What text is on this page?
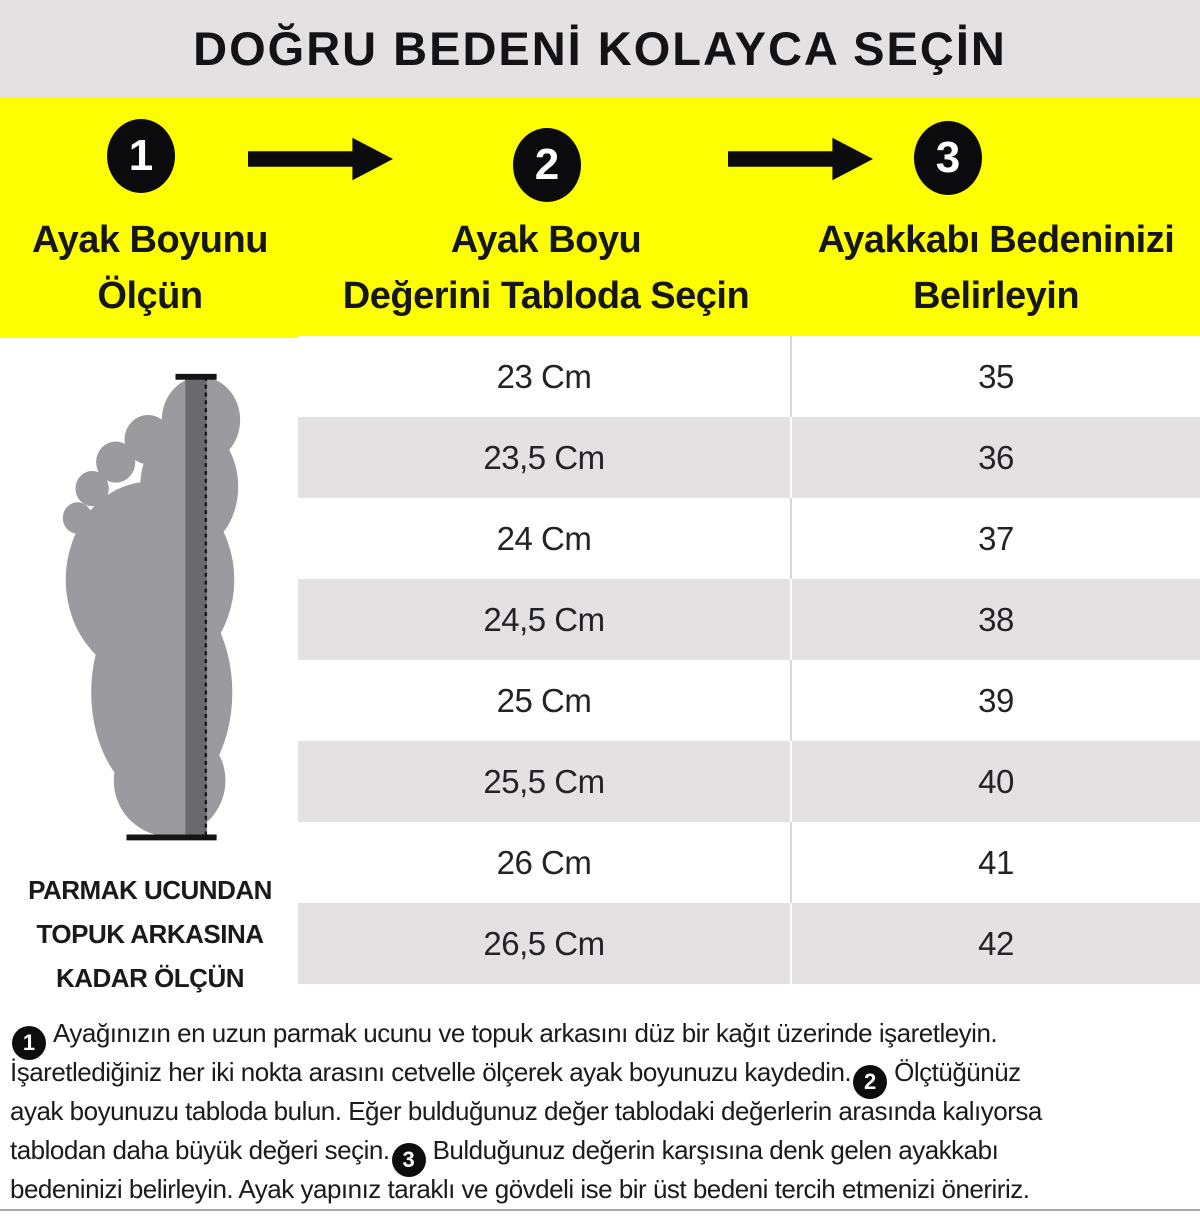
DOĞRU BEDENİ KOLAYCA SEÇİN
1	2	3
Ayak Boyunu
Ölçün
Ayak Boyu
Değerini Tabloda Seçin
Ayakkabı Bedeninizi
Belirleyin
PARMAK UCUNDAN
TOPUK ARKASINA
KADAR ÖLÇÜN
23 Cm	35
23,5 Cm	36
24 Cm	37
24,5 Cm	38
25 Cm	39
25,5 Cm	40
26 Cm	41
26,5 Cm	42
1 Ayağınızın en uzun parmak ucunu ve topuk arkasını düz bir kağıt üzerinde işaretleyin.
İşaretlediğiniz her iki nokta arasını cetvelle ölçerek ayak boyunuzu kaydedin. 2 Ölçtüğünüz
ayak boyunuzu tabloda bulun. Eğer bulduğunuz değer tablodaki değerlerin arasında kalıyorsa
tablodan daha büyük değeri seçin. 3 Bulduğunuz değerin karşısına denk gelen ayakkabı
bedeninizi belirleyin. Ayak yapınız taraklı ve gövdeli ise bir üst bedeni tercih etmenizi öneririz.
